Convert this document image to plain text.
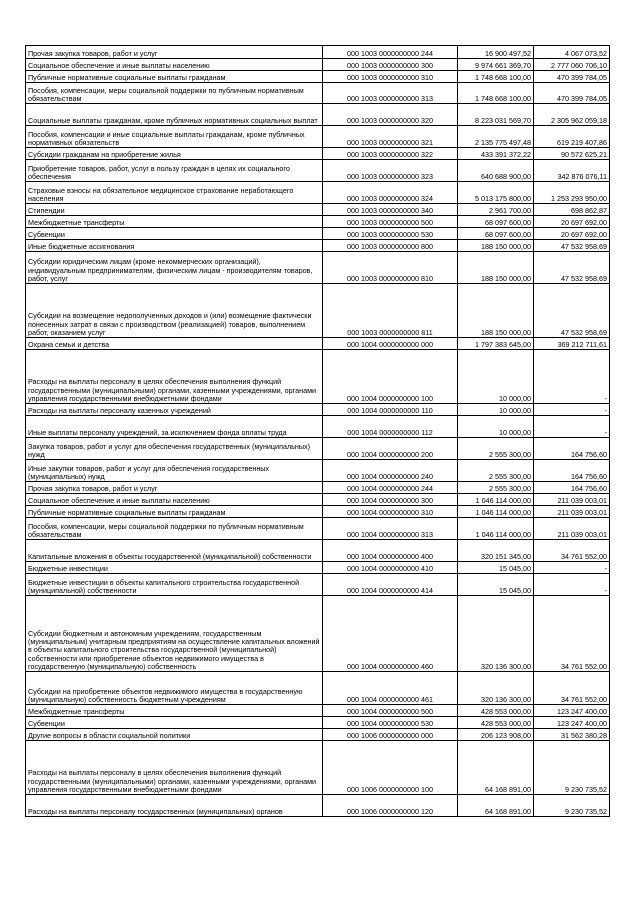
Прочая закупка товаров, работ и услуг	000 1003 0000000000 244	16 900 497,52	4 067 073,52
Социальное обеспечение и иные выплаты населению	000 1003 0000000000 300	9 974 661 369,70	2 777 060 706,10
Публичные нормативные социальные выплаты гражданам	000 1003 0000000000 310	1 748 668 100,00	470 399 784,05
Пособия, компенсации, меры социальной поддержки по публичным нормативным обязательствам	000 1003 0000000000 313	1 748 668 100,00	470 399 784,05
Социальные выплаты гражданам, кроме публичных нормативных социальных выплат	000 1003 0000000000 320	8 223 031 569,70	2 305 962 059,18
Пособия, компенсации и иные социальные выплаты гражданам, кроме публичных нормативных обязательств	000 1003 0000000000 321	2 135 775 497,48	619 219 407,86
Субсидии гражданам на приобретение жилья	000 1003 0000000000 322	433 391 372,22	90 572 625,21
Приобретение товаров, работ, услуг в пользу граждан в целях их социального обеспечения	000 1003 0000000000 323	640 688 900,00	342 876 076,11
Страховые взносы на обязательное медицинское страхование неработающего населения	000 1003 0000000000 324	5 013 175 800,00	1 253 293 950,00
Стипендии	000 1003 0000000000 340	2 961 700,00	698 862,87
Межбюджетные трансферты	000 1003 0000000000 500	68 097 600,00	20 697 692,00
Субвенции	000 1003 0000000000 530	68 097 600,00	20 697 692,00
Иные бюджетные ассигнования	000 1003 0000000000 800	188 150 000,00	47 532 958,69
Субсидии юридическим лицам (кроме некоммерческих организаций), индивидуальным предпринимателям, физическим лицам - производителям товаров, работ, услуг	000 1003 0000000000 810	188 150 000,00	47 532 958,69
Субсидии на возмещение недополученных доходов и (или) возмещение фактически понесенных затрат в связи с производством (реализацией) товаров, выполнением работ, оказанием услуг	000 1003 0000000000 811	188 150 000,00	47 532 958,69
Охрана семьи и детства	000 1004 0000000000 000	1 797 383 645,00	369 212 711,61
Расходы на выплаты персоналу в целях обеспечения выполнения функций государственными (муниципальными) органами, казенными учреждениями, органами управления государственными внебюджетными фондами	000 1004 0000000000 100	10 000,00	-
Расходы на выплаты персоналу казенных учреждений	000 1004 0000000000 110	10 000,00	-
Иные выплаты персоналу учреждений, за исключением фонда оплаты труда	000 1004 0000000000 112	10 000,00	-
Закупка товаров, работ и услуг для обеспечения государственных (муниципальных) нужд	000 1004 0000000000 200	2 555 300,00	164 756,60
Иные закупки товаров, работ и услуг для обеспечения государственных (муниципальных) нужд	000 1004 0000000000 240	2 555 300,00	164 756,60
Прочая закупка товаров, работ и услуг	000 1004 0000000000 244	2 555 300,00	164 756,60
Социальное обеспечение и иные выплаты населению	000 1004 0000000000 300	1 046 114 000,00	211 039 003,01
Публичные нормативные социальные выплаты гражданам	000 1004 0000000000 310	1 046 114 000,00	211 039 003,01
Пособия, компенсации, меры социальной поддержки по публичным нормативным обязательствам	000 1004 0000000000 313	1 046 114 000,00	211 039 003,01
Капитальные вложения в объекты государственной (муниципальной) собственности	000 1004 0000000000 400	320 151 345,00	34 761 552,00
Бюджетные инвестиции	000 1004 0000000000 410	15 045,00	-
Бюджетные инвестиции в объекты капитального строительства государственной (муниципальной) собственности	000 1004 0000000000 414	15 045,00	-
Субсидии бюджетным и автономным учреждениям, государственным (муниципальным) унитарным предприятиям на осуществление капитальных вложений в объекты капитального строительства государственной (муниципальной) собственности или приобретение объектов недвижимого имущества в государственную (муниципальную) собственность	000 1004 0000000000 460	320 136 300,00	34 761 552,00
Субсидии на приобретение объектов недвижимого имущества в государственную (муниципальную) собственность бюджетным учреждениям	000 1004 0000000000 461	320 136 300,00	34 761 552,00
Межбюджетные трансферты	000 1004 0000000000 500	428 553 000,00	123 247 400,00
Субвенции	000 1004 0000000000 530	428 553 000,00	123 247 400,00
Другие вопросы в области социальной политики	000 1006 0000000000 000	206 123 908,00	31 562 380,28
Расходы на выплаты персоналу в целях обеспечения выполнения функций государственными (муниципальными) органами, казенными учреждениями, органами управления государственными внебюджетными фондами	000 1006 0000000000 100	64 168 891,00	9 230 735,52
Расходы на выплаты персоналу государственных (муниципальных) органов	000 1006 0000000000 120	64 168 891,00	9 230 735,52
